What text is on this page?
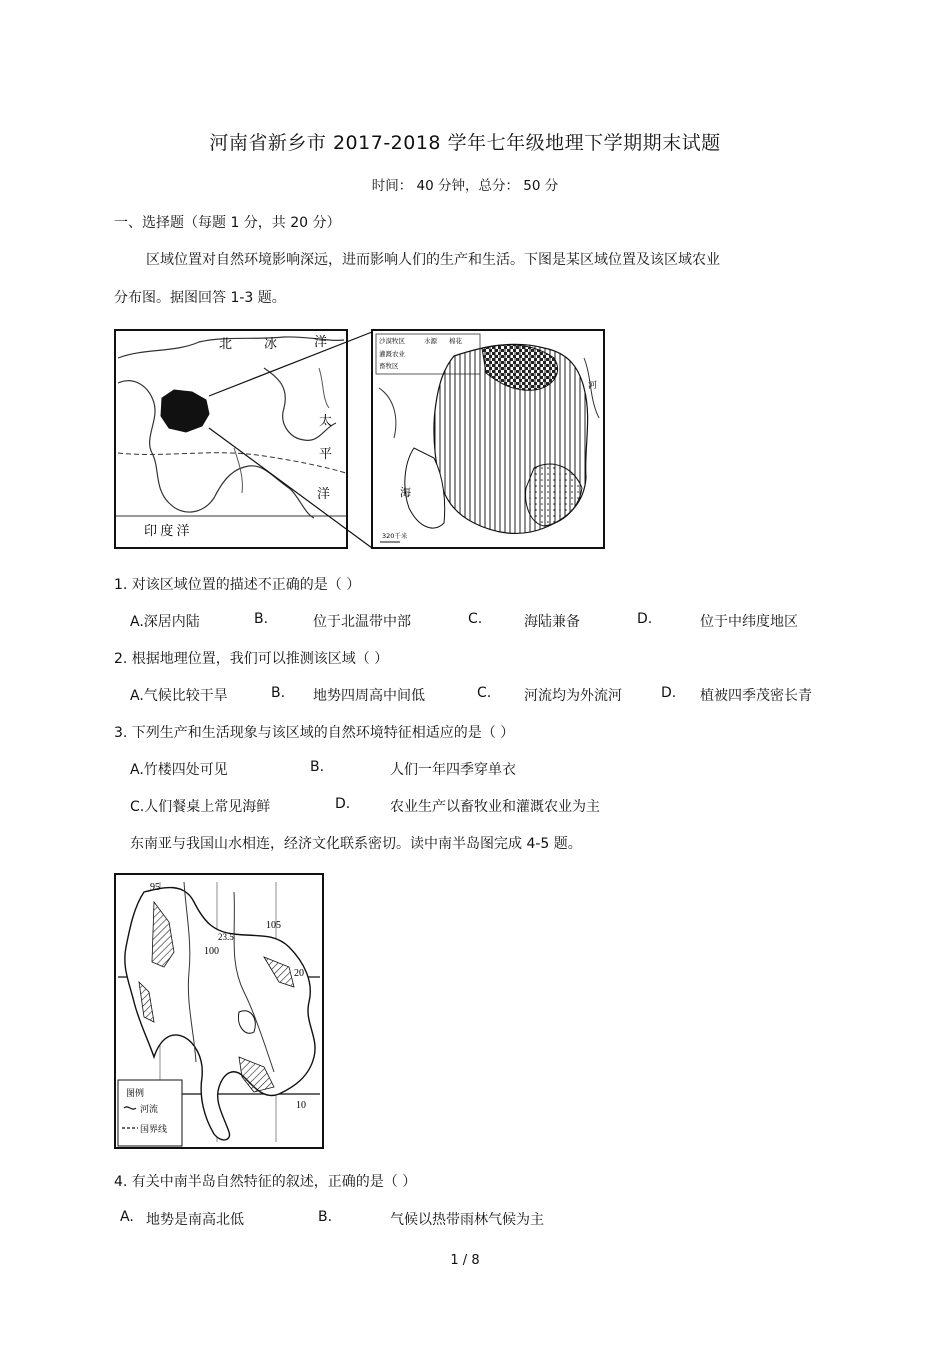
河南省新乡市 2017-2018 学年七年级地理下学期期末试题
时间： 40 分钟，总分： 50 分
一、选择题（每题 1 分，共 20 分）
区域位置对自然环境影响深远，进而影响人们的生产和生活。下图是某区域位置及该区域农业
分布图。据图回答 1-3 题。
北 冰	洋
太
平
洋
印 度 洋
沙漠牧区	水源 棉花
灌溉农业
畜牧区
海
河
320千米
1. 对该区域位置的描述不正确的是（ ）
A.深居内陆	B.	位于北温带中部	C.	海陆兼备	D.	位于中纬度地区
2. 根据地理位置，我们可以推测该区域（ ）
A.气候比较干旱	B. 地势四周高中间低	C. 河流均为外流河	D. 植被四季茂密长青
3. 下列生产和生活现象与该区域的自然环境特征相适应的是（ ）
A.竹楼四处可见	B.	人们一年四季穿单衣
C.人们餐桌上常见海鲜	D.	农业生产以畜牧业和灌溉农业为主
东南亚与我国山水相连，经济文化联系密切。读中南半岛图完成 4-5 题。
95
100
105
23.5
20
10
图例
河流
国界线
4. 有关中南半岛自然特征的叙述，正确的是（ ）
A. 地势是南高北低	B.	气候以热带雨林气候为主
1 / 8
